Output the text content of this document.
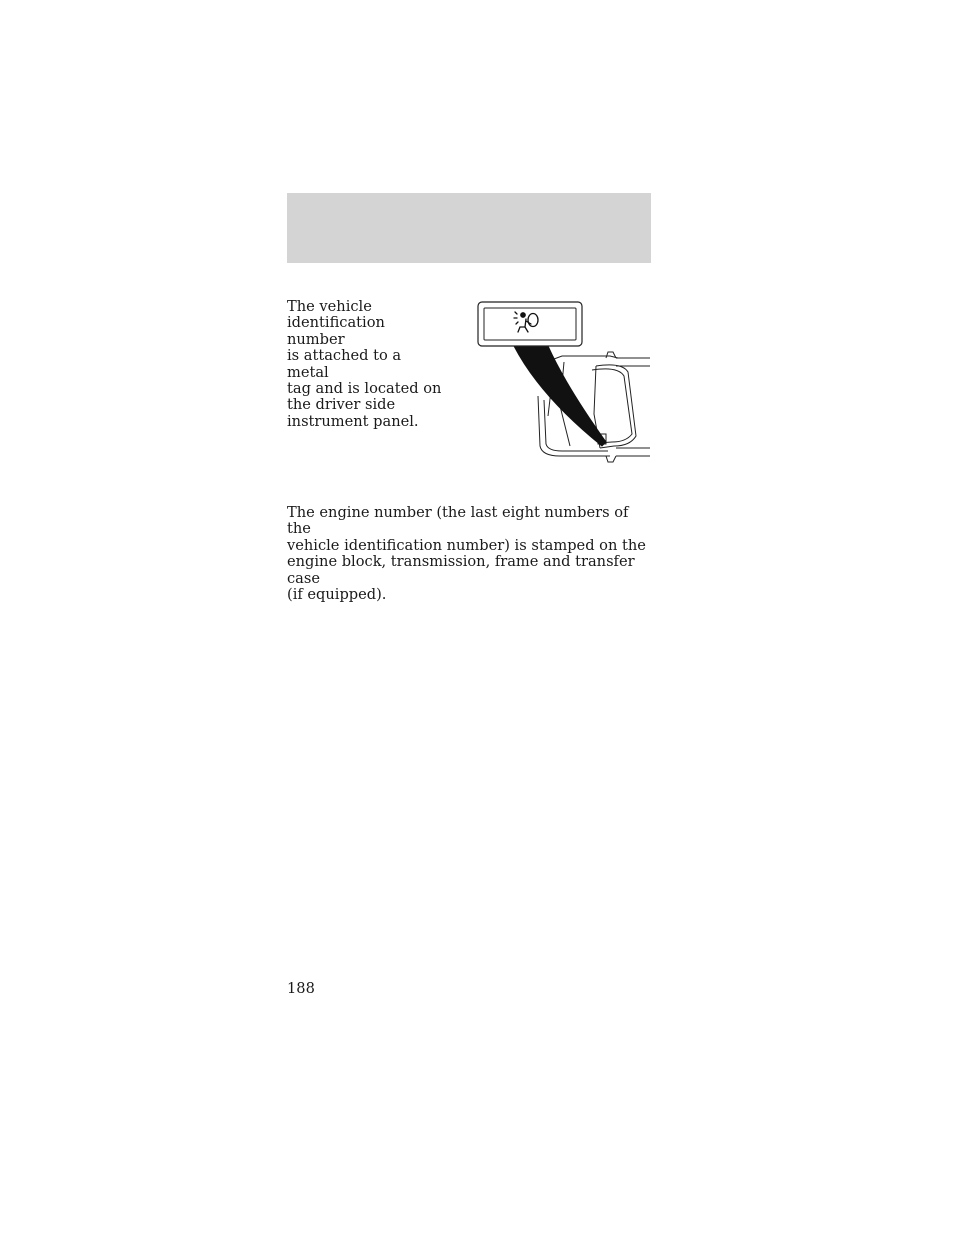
The vehicle
identification number
is attached to a metal
tag and is located on
the driver side
instrument panel.

The engine number (the last eight numbers of the
vehicle identification number) is stamped on the
engine block, transmission, frame and transfer case
(if equipped).

188
